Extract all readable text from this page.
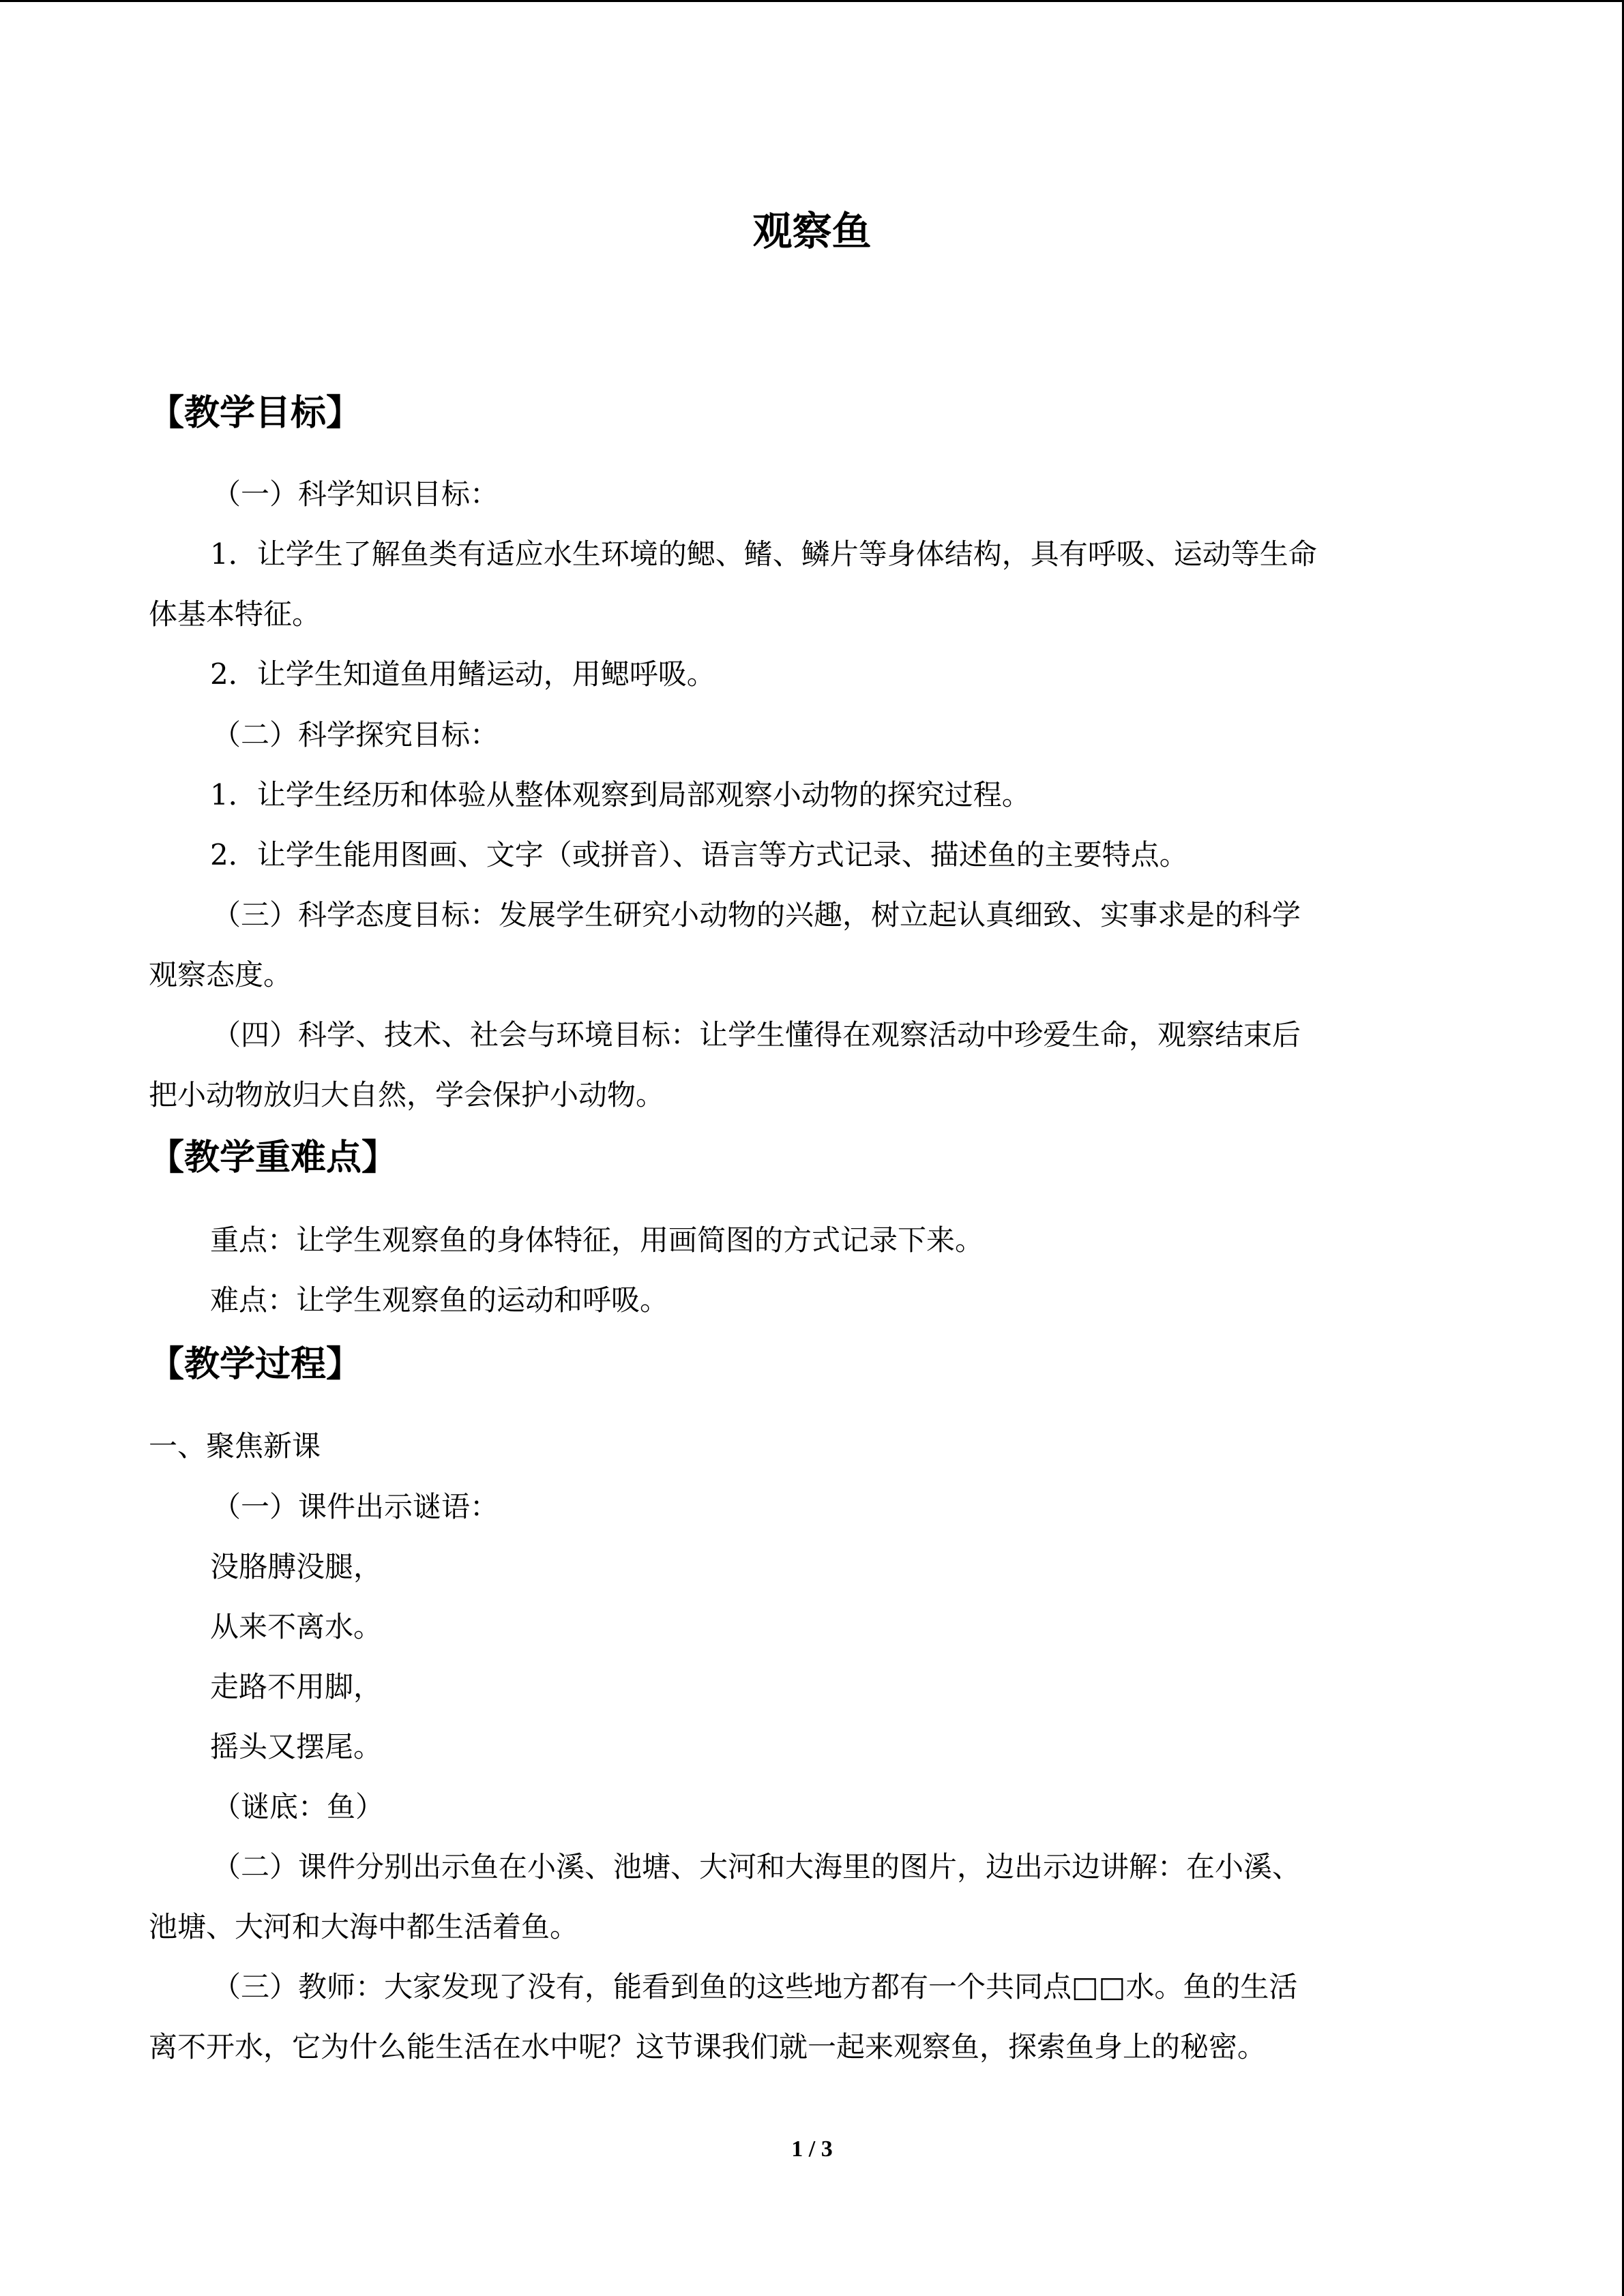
观察鱼
【教学目标】

（一）科学知识目标：

1．让学生了解鱼类有适应水生环境的鳃、鳍、鳞片等身体结构，具有呼吸、运动等生命

体基本特征。

2．让学生知道鱼用鳍运动，用鳃呼吸。

（二）科学探究目标：

1．让学生经历和体验从整体观察到局部观察小动物的探究过程。

2．让学生能用图画、文字（或拼音）、语言等方式记录、描述鱼的主要特点。

（三）科学态度目标：发展学生研究小动物的兴趣，树立起认真细致、实事求是的科学

观察态度。

（四）科学、技术、社会与环境目标：让学生懂得在观察活动中珍爱生命，观察结束后

把小动物放归大自然，学会保护小动物。

【教学重难点】

重点：让学生观察鱼的身体特征，用画简图的方式记录下来。

难点：让学生观察鱼的运动和呼吸。

【教学过程】

一、聚焦新课

（一）课件出示谜语：

没胳膊没腿，

从来不离水。

走路不用脚，

摇头又摆尾。

（谜底：鱼）

（二）课件分别出示鱼在小溪、池塘、大河和大海里的图片，边出示边讲解：在小溪、

池塘、大河和大海中都生活着鱼。

（三）教师：大家发现了没有，能看到鱼的这些地方都有一个共同点□□水。鱼的生活

离不开水，它为什么能生活在水中呢？这节课我们就一起来观察鱼，探索鱼身上的秘密。

1 / 3
